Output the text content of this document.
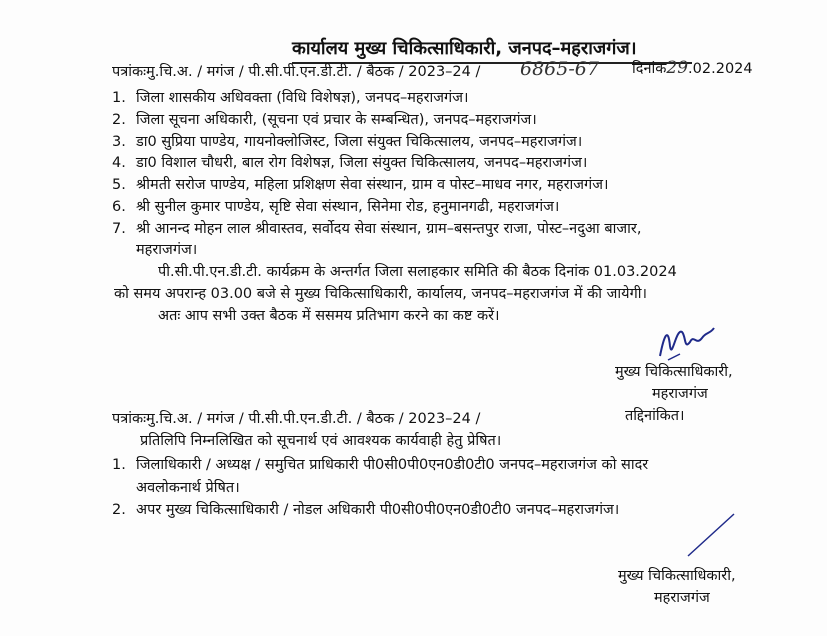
कार्यालय मुख्य चिकित्साधिकारी, जनपद–महराजगंज।
पत्रांकःमु.चि.अ. / मगंज / पी.सी.पी.एन.डी.टी. / बैठक / 2023–24 / 6865-67 दिनांक29.02.2024
1. जिला शासकीय अधिवक्ता (विधि विशेषज्ञ), जनपद–महराजगंज।
2. जिला सूचना अधिकारी, (सूचना एवं प्रचार के सम्बन्धित), जनपद–महराजगंज।
3. डा0 सुप्रिया पाण्डेय, गायनोक्लोजिस्ट, जिला संयुक्त चिकित्सालय, जनपद–महराजगंज।
4. डा0 विशाल चौधरी, बाल रोग विशेषज्ञ, जिला संयुक्त चिकित्सालय, जनपद–महराजगंज।
5. श्रीमती सरोज पाण्डेय, महिला प्रशिक्षण सेवा संस्थान, ग्राम व पोस्ट–माधव नगर, महराजगंज।
6. श्री सुनील कुमार पाण्डेय, सृष्टि सेवा संस्थान, सिनेमा रोड, हनुमानगढी, महराजगंज।
7. श्री आनन्द मोहन लाल श्रीवास्तव, सर्वोदय सेवा संस्थान, ग्राम–बसन्तपुर राजा, पोस्ट–नदुआ बाजार,
महराजगंज।
पी.सी.पी.एन.डी.टी. कार्यक्रम के अन्तर्गत जिला सलाहकार समिति की बैठक दिनांक 01.03.2024
को समय अपरान्ह 03.00 बजे से मुख्य चिकित्साधिकारी, कार्यालय, जनपद–महराजगंज में की जायेगी।
अतः आप सभी उक्त बैठक में ससमय प्रतिभाग करने का कष्ट करें।
मुख्य चिकित्साधिकारी,
महराजगंज
तद्दिनांकित।
पत्रांकःमु.चि.अ. / मगंज / पी.सी.पी.एन.डी.टी. / बैठक / 2023–24 /
प्रतिलिपि निम्नलिखित को सूचनार्थ एवं आवश्यक कार्यवाही हेतु प्रेषित।
1. जिलाधिकारी / अध्यक्ष / समुचित प्राधिकारी पी0सी0पी0एन0डी0टी0 जनपद–महराजगंज को सादर
अवलोकनार्थ प्रेषित।
2. अपर मुख्य चिकित्साधिकारी / नोडल अधिकारी पी0सी0पी0एन0डी0टी0 जनपद–महराजगंज।
मुख्य चिकित्साधिकारी,
महराजगंज
